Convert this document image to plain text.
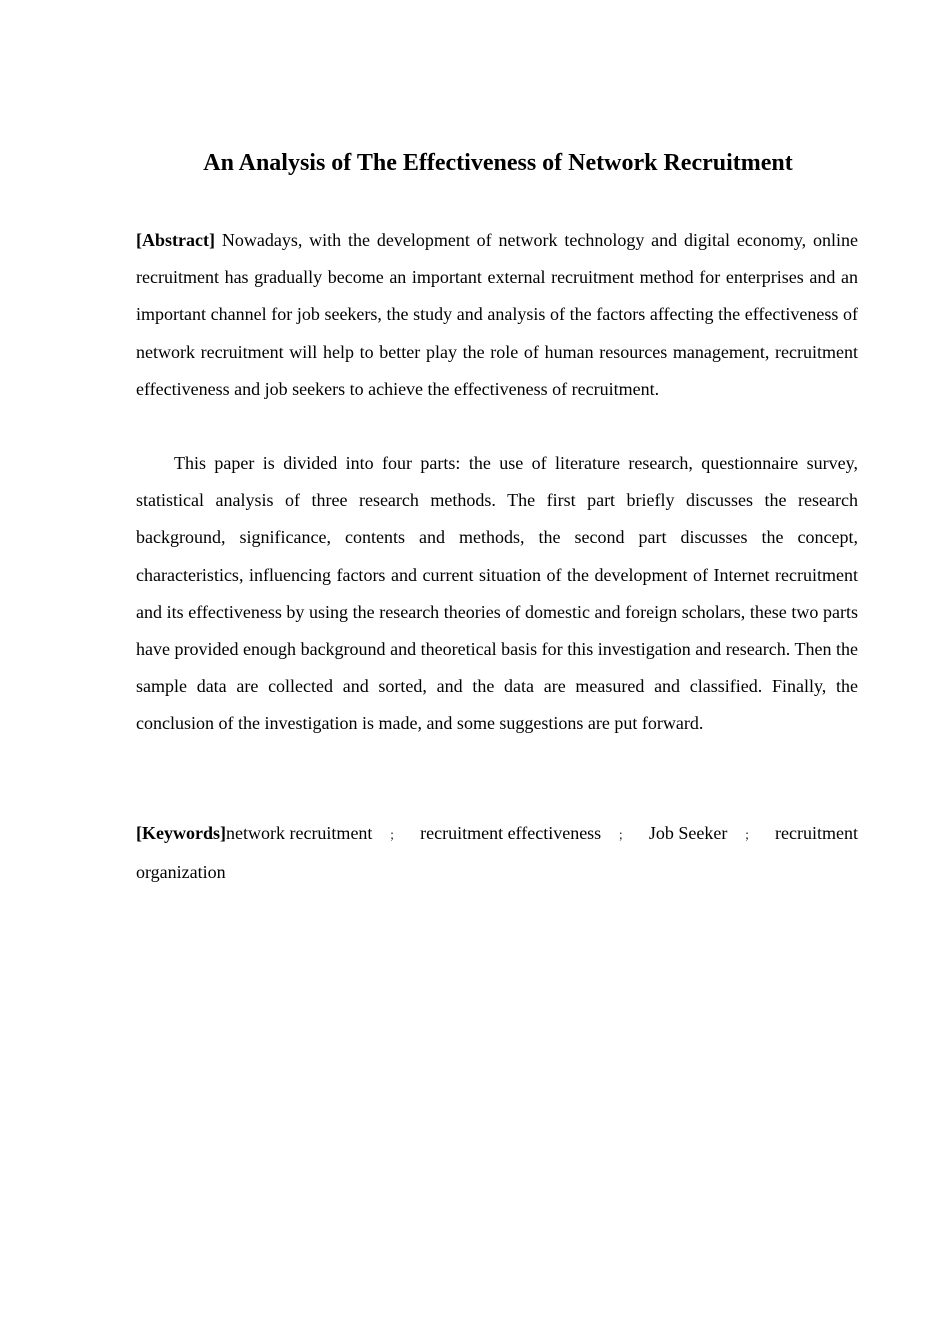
An Analysis of The Effectiveness of Network Recruitment

[Abstract] Nowadays, with the development of network technology and digital economy, online recruitment has gradually become an important external recruitment method for enterprises and an important channel for job seekers, the study and analysis of the factors affecting the effectiveness of network recruitment will help to better play the role of human resources management, recruitment effectiveness and job seekers to achieve the effectiveness of recruitment.

This paper is divided into four parts: the use of literature research, questionnaire survey, statistical analysis of three research methods. The first part briefly discusses the research background, significance, contents and methods, the second part discusses the concept, characteristics, influencing factors and current situation of the development of Internet recruitment and its effectiveness by using the research theories of domestic and foreign scholars, these two parts have provided enough background and theoretical basis for this investigation and research. Then the sample data are collected and sorted, and the data are measured and classified. Finally, the conclusion of the investigation is made, and some suggestions are put forward.

[Keywords]network recruitment ； recruitment effectiveness ； Job Seeker ； recruitment
organization
